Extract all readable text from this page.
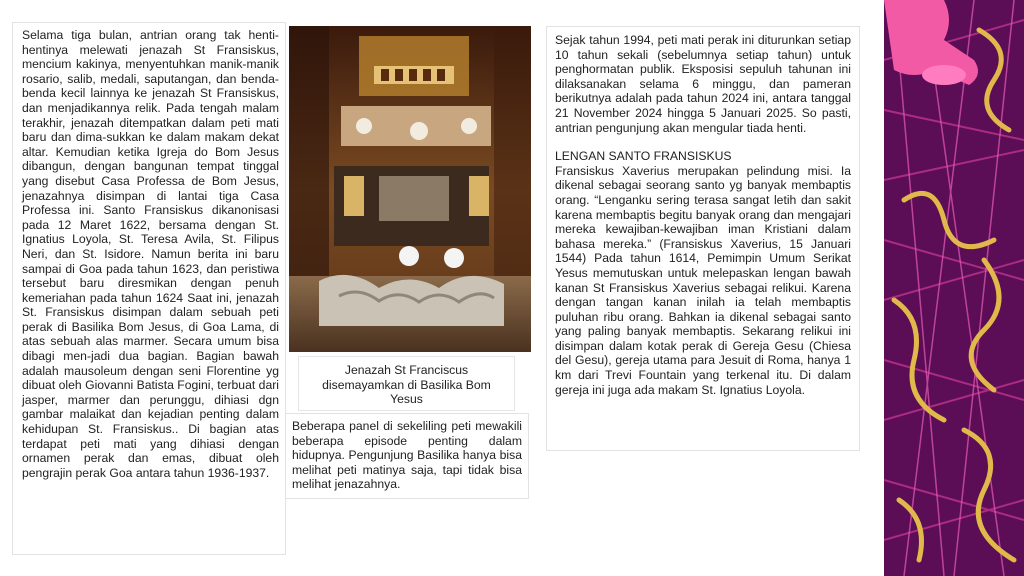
Selama tiga bulan, antrian orang tak henti-hentinya melewati jenazah St Fransiskus, mencium kakinya, menyentuhkan manik-manik rosario, salib, medali, saputangan, dan benda-benda kecil lainnya ke jenazah St Fransiskus, dan menjadikannya relik. Pada tengah malam terakhir, jenazah ditempatkan dalam peti mati baru dan dima-sukkan ke dalam makam dekat altar. Kemudian ketika Igreja do Bom Jesus dibangun, dengan bangunan tempat tinggal yang disebut Casa Professa de Bom Jesus, jenazahnya disimpan di lantai tiga Casa Professa ini. Santo Fransiskus dikanonisasi pada 12 Maret 1622, bersama dengan St. Ignatius Loyola, St. Teresa Avila, St. Filipus Neri, dan St. Isidore. Namun berita ini baru sampai di Goa pada tahun 1623, dan peristiwa tersebut baru diresmikan dengan penuh kemeriahan pada tahun 1624 Saat ini, jenazah St. Fransiskus disimpan dalam sebuah peti perak di Basilika Bom Jesus, di Goa Lama, di atas sebuah alas marmer. Secara umum bisa dibagi men-jadi dua bagian. Bagian bawah adalah mausoleum dengan seni Florentine yg dibuat oleh Giovanni Batista Fogini, terbuat dari jasper, marmer dan perunggu, dihiasi dgn gambar malaikat dan kejadian penting dalam kehidupan St. Fransiskus.. Di bagian atas terdapat peti mati yang dihiasi dengan ornamen perak dan emas, dibuat oleh pengrajin perak Goa antara tahun 1936-1937.

Jenazah St Franciscus disemayamkan di Basilika Bom Yesus

Beberapa panel di sekeliling peti mewakili beberapa episode penting dalam hidupnya. Pengunjung Basilika hanya bisa melihat peti matinya saja, tapi tidak bisa melihat jenazahnya.

Sejak tahun 1994, peti mati perak ini diturunkan setiap 10 tahun sekali (sebelumnya setiap tahun) untuk penghormatan publik. Eksposisi sepuluh tahunan ini dilaksanakan selama 6 minggu, dan pameran berikutnya adalah pada tahun 2024 ini, antara tanggal 21 November 2024 hingga 5 Januari 2025. So pasti, antrian pengunjung akan mengular tiada henti.

LENGAN SANTO FRANSISKUS

Fransiskus Xaverius merupakan pelindung misi. Ia dikenal sebagai seorang santo yg banyak membaptis orang. “Lenganku sering terasa sangat letih dan sakit karena membaptis begitu banyak orang dan mengajari mereka kewajiban-kewajiban iman Kristiani dalam bahasa mereka.” (Fransiskus Xaverius, 15 Januari 1544) Pada tahun 1614, Pemimpin Umum Serikat Yesus memutuskan untuk melepaskan lengan bawah kanan St Fransiskus Xaverius sebagai relikui. Karena dengan tangan kanan inilah ia telah membaptis puluhan ribu orang. Bahkan ia dikenal sebagai santo yang paling banyak membaptis. Sekarang relikui ini disimpan dalam kotak perak di Gereja Gesu (Chiesa del Gesu), gereja utama para Jesuit di Roma, hanya 1 km dari Trevi Fountain yang terkenal itu. Di dalam gereja ini juga ada makam St. Ignatius Loyola.
